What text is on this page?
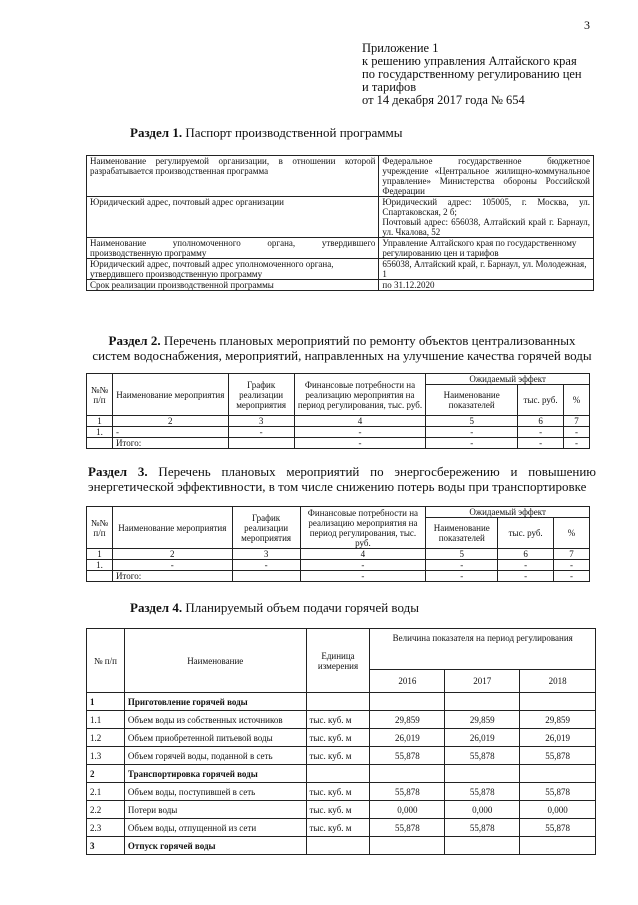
3
Приложение 1
к решению управления Алтайского края
по государственному регулированию цен
и тарифов
от 14 декабря 2017 года № 654
Раздел 1. Паспорт производственной программы
Наименование регулируемой организации, в отношении которой разрабатывается производственная программа	Федеральное государственное бюджетное учреждение «Центральное жилищно-коммунальное управление» Министерства обороны Российской Федерации
Юридический адрес, почтовый адрес организации	Юридический адрес: 105005, г. Москва, ул. Спартаковская, 2 б;
Почтовый адрес: 656038, Алтайский край г. Барнаул, ул. Чкалова, 52

Наименование уполномоченного органа, утвердившего производственную программу	Управление Алтайского края по государственному регулированию цен и тарифов
Юридический адрес, почтовый адрес уполномоченного органа, утвердившего производственную программу	656038, Алтайский край, г. Барнаул, ул. Молодежная, 1
Срок реализации производственной программы	по 31.12.2020
Раздел 2. Перечень плановых мероприятий по ремонту объектов централизованных систем водоснабжения, мероприятий, направленных на улучшение качества горячей воды
№№ п/п	Наименование мероприятия	График реализации мероприятия	Финансовые потребности на реализацию мероприятия на период регулирования, тыс. руб.	Ожидаемый эффект		
				Наименование показателей	тыс. руб.	%
1	2	3	4	5	6	7
1.	-	-	-	-	-	-
	Итого:		-	-	-	-
Раздел 3. Перечень плановых мероприятий по энергосбережению и повышению энергетической эффективности, в том числе снижению потерь воды при транспортировке
№№ п/п	Наименование мероприятия	График реализации мероприятия	Финансовые потребности на реализацию мероприятия на период регулирования, тыс. руб.	Ожидаемый эффект		
				Наименование показателей	тыс. руб.	%
1	2	3	4	5	6	7
1.	-	-	-	-	-	-
	Итого:		-	-	-	-
Раздел 4. Планируемый объем подачи горячей воды
№ п/п	Наименование	Единица измерения	Величина показателя на период регулирования		
			2016	2017	2018
1	Приготовление горячей воды				
1.1	Объем воды из собственных источников	тыс. куб. м	29,859	29,859	29,859
1.2	Объем приобретенной питьевой воды	тыс. куб. м	26,019	26,019	26,019
1.3	Объем горячей воды, поданной в сеть	тыс. куб. м	55,878	55,878	55,878
2	Транспортировка горячей воды				
2.1	Объем воды, поступившей в сеть	тыс. куб. м	55,878	55,878	55,878
2.2	Потери воды	тыс. куб. м	0,000	0,000	0,000
2.3	Объем воды, отпущенной из сети	тыс. куб. м	55,878	55,878	55,878
3	Отпуск горячей воды				
